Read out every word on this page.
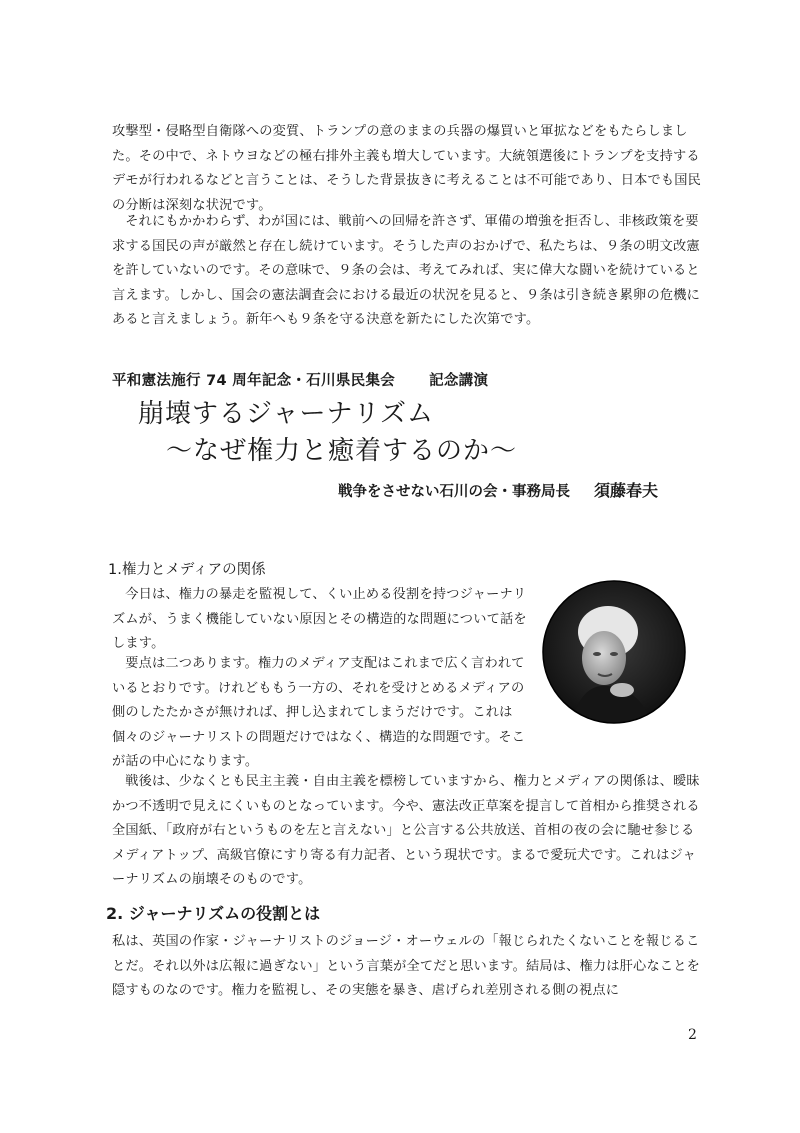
攻撃型・侵略型自衛隊への変質、トランプの意のままの兵器の爆買いと軍拡などをもたらしました。その中で、ネトウヨなどの極右排外主義も増大しています。大統領選後にトランプを支持するデモが行われるなどと言うことは、そうした背景抜きに考えることは不可能であり、日本でも国民の分断は深刻な状況です。

それにもかかわらず、わが国には、戦前への回帰を許さず、軍備の増強を拒否し、非核政策を要求する国民の声が厳然と存在し続けています。そうした声のおかげで、私たちは、９条の明文改憲を許していないのです。その意味で、９条の会は、考えてみれば、実に偉大な闘いを続けていると言えます。しかし、国会の憲法調査会における最近の状況を見ると、９条は引き続き累卵の危機にあると言えましょう。新年へも９条を守る決意を新たにした次第です。

平和憲法施行 74 周年記念・石川県民集会 記念講演
崩壊するジャーナリズム
～なぜ権力と癒着するのか～
戦争をさせない石川の会・事務局長 須藤春夫
1.権力とメディアの関係

今日は、権力の暴走を監視して、くい止める役割を持つジャーナリズムが、うまく機能していない原因とその構造的な問題について話をします。

要点は二つあります。権力のメディア支配はこれまで広く言われているとおりです。けれどももう一方の、それを受けとめるメディアの側のしたたかさが無ければ、押し込まれてしまうだけです。これは個々のジャーナリストの問題だけではなく、構造的な問題です。そこが話の中心になります。

戦後は、少なくとも民主主義・自由主義を標榜していますから、権力とメディアの関係は、曖昧かつ不透明で見えにくいものとなっています。今や、憲法改正草案を提言して首相から推奨される全国紙、「政府が右というものを左と言えない」と公言する公共放送、首相の夜の会に馳せ参じるメディアトップ、高級官僚にすり寄る有力記者、という現状です。まるで愛玩犬です。これはジャーナリズムの崩壊そのものです。

2. ジャーナリズムの役割とは

私は、英国の作家・ジャーナリストのジョージ・オーウェルの「報じられたくないことを報じることだ。それ以外は広報に過ぎない」という言葉が全てだと思います。結局は、権力は肝心なことを隠すものなのです。権力を監視し、その実態を暴き、虐げられ差別される側の視点に

2
